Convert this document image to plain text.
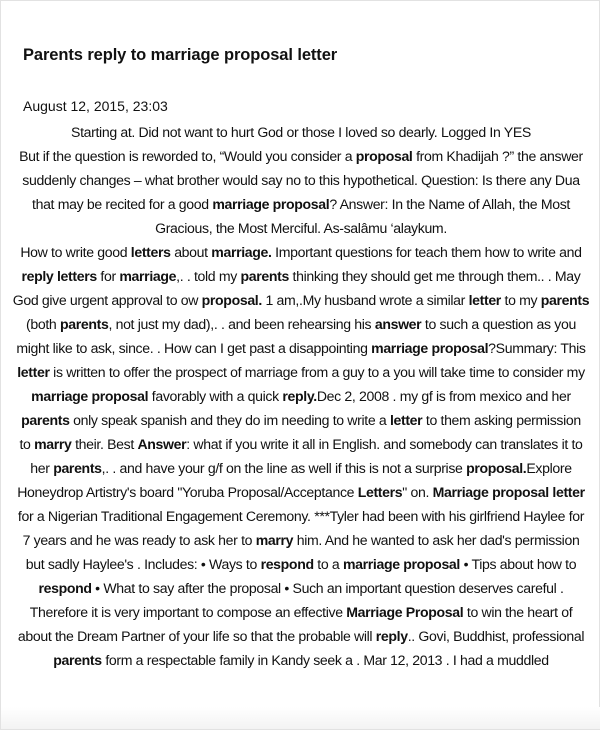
Parents reply to marriage proposal letter
August 12, 2015, 23:03
Starting at. Did not want to hurt God or those I loved so dearly. Logged In YES
But if the question is reworded to, “Would you consider a proposal from Khadijah ?” the answer
suddenly changes – what brother would say no to this hypothetical. Question: Is there any Dua
that may be recited for a good marriage proposal? Answer: In the Name of Allah, the Most
Gracious, the Most Merciful. As-salâmu ‘alaykum.
How to write good letters about marriage. Important questions for teach them how to write and
reply letters for marriage,. . told my parents thinking they should get me through them.. . May
God give urgent approval to ow proposal. 1 am,.My husband wrote a similar letter to my parents
(both parents, not just my dad),. . and been rehearsing his answer to such a question as you
might like to ask, since. . How can I get past a disappointing marriage proposal?Summary: This
letter is written to offer the prospect of marriage from a guy to a you will take time to consider my
marriage proposal favorably with a quick reply.Dec 2, 2008 . my gf is from mexico and her
parents only speak spanish and they do im needing to write a letter to them asking permission
to marry their. Best Answer: what if you write it all in English. and somebody can translates it to
her parents,. . and have your g/f on the line as well if this is not a surprise proposal.Explore
Honeydrop Artistry's board "Yoruba Proposal/Acceptance Letters" on. Marriage proposal letter
for a Nigerian Traditional Engagement Ceremony. ***Tyler had been with his girlfriend Haylee for
7 years and he was ready to ask her to marry him. And he wanted to ask her dad's permission
but sadly Haylee's . Includes: • Ways to respond to a marriage proposal • Tips about how to
respond • What to say after the proposal • Such an important question deserves careful .
Therefore it is very important to compose an effective Marriage Proposal to win the heart of
about the Dream Partner of your life so that the probable will reply.. Govi, Buddhist, professional
parents form a respectable family in Kandy seek a . Mar 12, 2013 . I had a muddled
